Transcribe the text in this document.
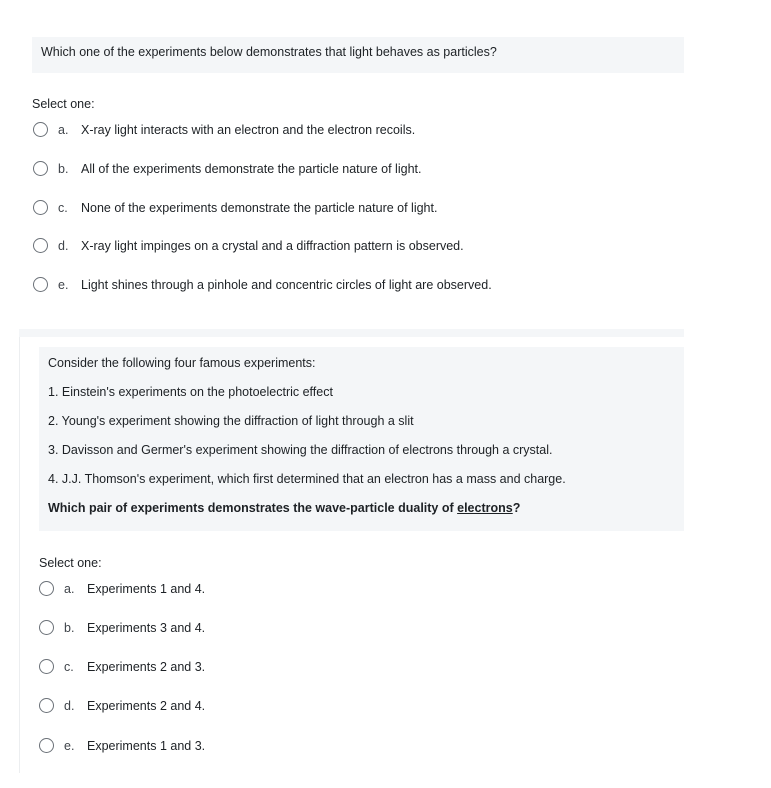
Which one of the experiments below demonstrates that light behaves as particles?
Select one:
a.	X-ray light interacts with an electron and the electron recoils.
b.	All of the experiments demonstrate the particle nature of light.
c.	None of the experiments demonstrate the particle nature of light.
d.	X-ray light impinges on a crystal and a diffraction pattern is observed.
e.	Light shines through a pinhole and concentric circles of light are observed.
Consider the following four famous experiments:
1. Einstein's experiments on the photoelectric effect
2. Young's experiment showing the diffraction of light through a slit
3. Davisson and Germer's experiment showing the diffraction of electrons through a crystal.
4. J.J. Thomson's experiment, which first determined that an electron has a mass and charge.
Which pair of experiments demonstrates the wave-particle duality of electrons?
Select one:
a.	Experiments 1 and 4.
b.	Experiments 3 and 4.
c.	Experiments 2 and 3.
d.	Experiments 2 and 4.
e.	Experiments 1 and 3.
